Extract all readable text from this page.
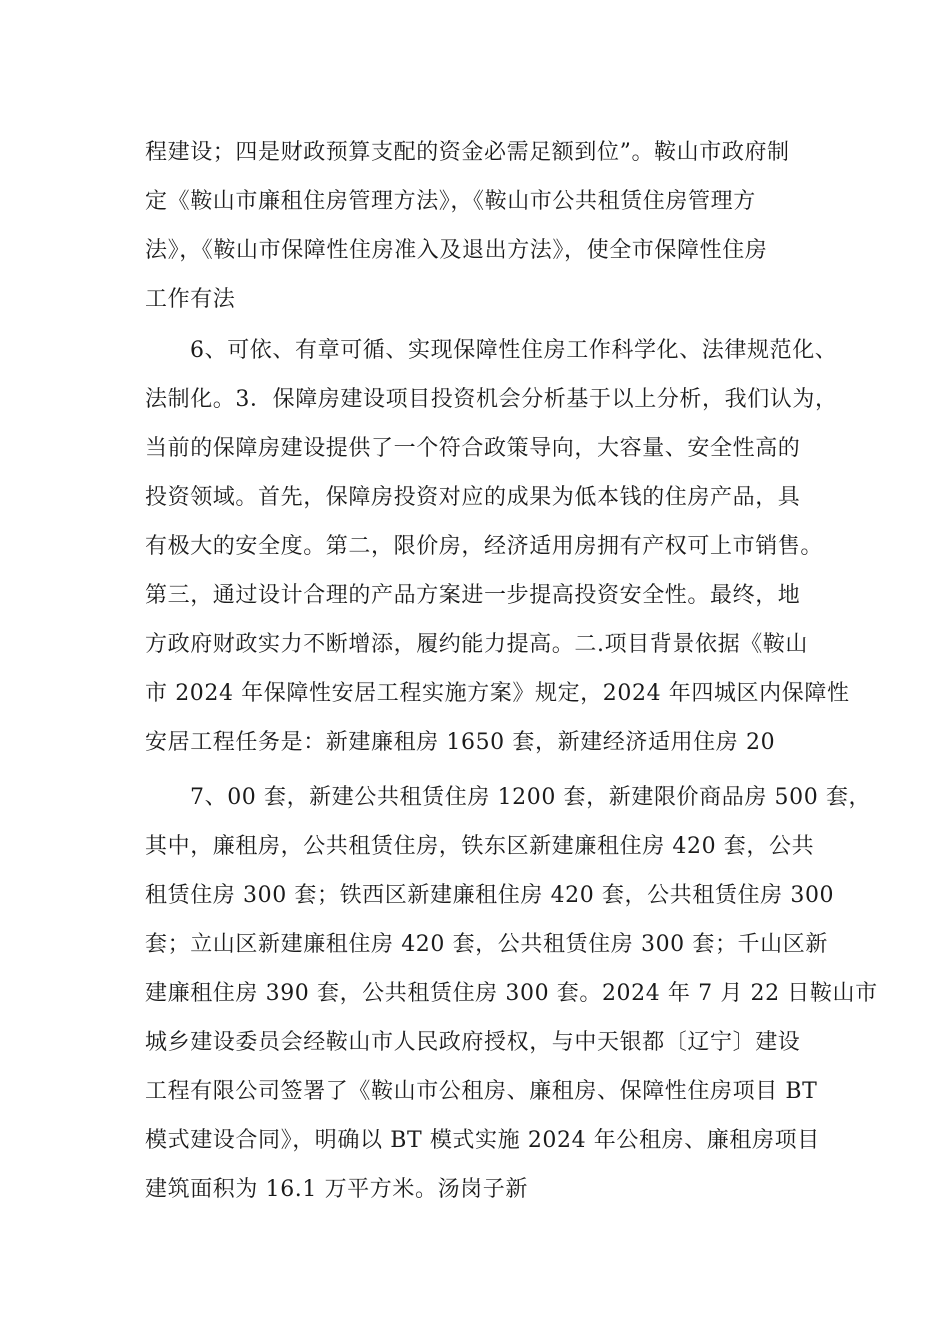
程建设；四是财政预算支配的资金必需足额到位”。鞍山市政府制
定《鞍山市廉租住房管理方法》，《鞍山市公共租赁住房管理方
法》，《鞍山市保障性住房准入及退出方法》，使全市保障性住房
工作有法
6、可依、有章可循、实现保障性住房工作科学化、法律规范化、
法制化。3．保障房建设项目投资机会分析基于以上分析，我们认为，
当前的保障房建设提供了一个符合政策导向，大容量、安全性高的
投资领域。首先，保障房投资对应的成果为低本钱的住房产品，具
有极大的安全度。第二，限价房，经济适用房拥有产权可上市销售。
第三，通过设计合理的产品方案进一步提高投资安全性。最终，地
方政府财政实力不断增添，履约能力提高。二.项目背景依据《鞍山
市 2024 年保障性安居工程实施方案》规定，2024 年四城区内保障性
安居工程任务是：新建廉租房 1650 套，新建经济适用住房 20
7、00 套，新建公共租赁住房 1200 套，新建限价商品房 500 套，
其中，廉租房，公共租赁住房，铁东区新建廉租住房 420 套，公共
租赁住房 300 套；铁西区新建廉租住房 420 套，公共租赁住房 300
套；立山区新建廉租住房 420 套，公共租赁住房 300 套；千山区新
建廉租住房 390 套，公共租赁住房 300 套。2024 年 7 月 22 日鞍山市
城乡建设委员会经鞍山市人民政府授权，与中天银都〔辽宁〕建设
工程有限公司签署了《鞍山市公租房、廉租房、保障性住房项目 BT
模式建设合同》，明确以 BT 模式实施 2024 年公租房、廉租房项目
建筑面积为 16.1 万平方米。汤岗子新
